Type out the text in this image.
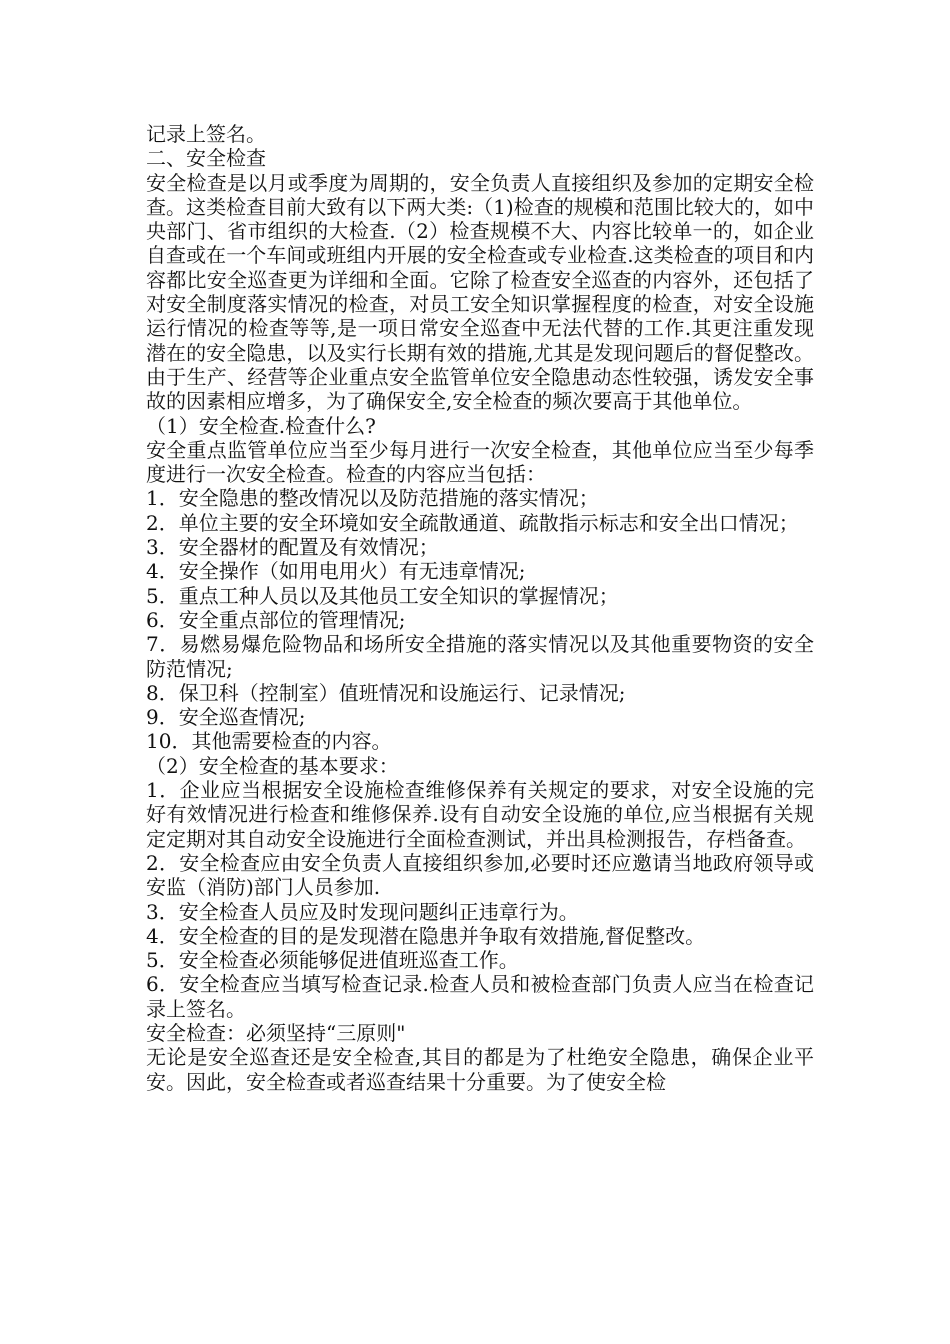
记录上签名。

二、安全检查

安全检查是以月或季度为周期的，安全负责人直接组织及参加的定期安全检查。这类检查目前大致有以下两大类:（1)检查的规模和范围比较大的，如中央部门、省市组织的大检查.（2）检查规模不大、内容比较单一的，如企业自查或在一个车间或班组内开展的安全检查或专业检查.这类检查的项目和内容都比安全巡查更为详细和全面。它除了检查安全巡查的内容外，还包括了对安全制度落实情况的检查，对员工安全知识掌握程度的检查，对安全设施运行情况的检查等等,是一项日常安全巡查中无法代替的工作.其更注重发现潜在的安全隐患，以及实行长期有效的措施,尤其是发现问题后的督促整改。由于生产、经营等企业重点安全监管单位安全隐患动态性较强，诱发安全事故的因素相应增多，为了确保安全,安全检查的频次要高于其他单位。

（1）安全检查.检查什么?

安全重点监管单位应当至少每月进行一次安全检查，其他单位应当至少每季度进行一次安全检查。检查的内容应当包括：

1．安全隐患的整改情况以及防范措施的落实情况；

2．单位主要的安全环境如安全疏散通道、疏散指示标志和安全出口情况；

3．安全器材的配置及有效情况；

4．安全操作（如用电用火）有无违章情况;

5．重点工种人员以及其他员工安全知识的掌握情况；

6．安全重点部位的管理情况;

7．易燃易爆危险物品和场所安全措施的落实情况以及其他重要物资的安全防范情况;

8．保卫科（控制室）值班情况和设施运行、记录情况;

9．安全巡查情况;

10．其他需要检查的内容。

（2）安全检查的基本要求：

1．企业应当根据安全设施检查维修保养有关规定的要求，对安全设施的完好有效情况进行检查和维修保养.设有自动安全设施的单位,应当根据有关规定定期对其自动安全设施进行全面检查测试，并出具检测报告，存档备查。

2．安全检查应由安全负责人直接组织参加,必要时还应邀请当地政府领导或安监（消防)部门人员参加.

3．安全检查人员应及时发现问题纠正违章行为。

4．安全检查的目的是发现潜在隐患并争取有效措施,督促整改。

5．安全检查必须能够促进值班巡查工作。

6．安全检查应当填写检查记录.检查人员和被检查部门负责人应当在检查记录上签名。

安全检查：必须坚持“三原则"

无论是安全巡查还是安全检查,其目的都是为了杜绝安全隐患，确保企业平安。因此，安全检查或者巡查结果十分重要。为了使安全检
